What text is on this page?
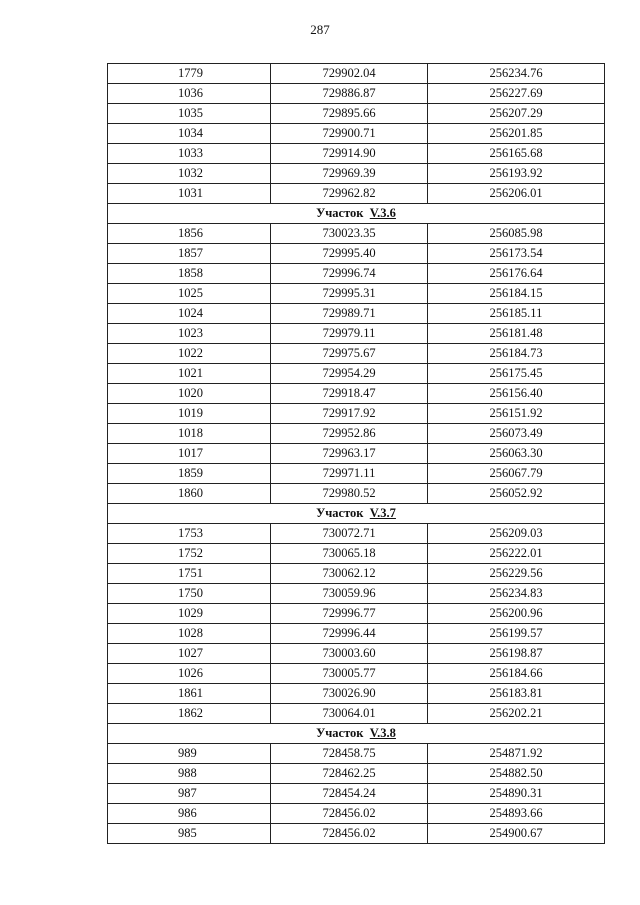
287
1779	729902.04	256234.76
1036	729886.87	256227.69
1035	729895.66	256207.29
1034	729900.71	256201.85
1033	729914.90	256165.68
1032	729969.39	256193.92
1031	729962.82	256206.01
Участок V.3.6		
1856	730023.35	256085.98
1857	729995.40	256173.54
1858	729996.74	256176.64
1025	729995.31	256184.15
1024	729989.71	256185.11
1023	729979.11	256181.48
1022	729975.67	256184.73
1021	729954.29	256175.45
1020	729918.47	256156.40
1019	729917.92	256151.92
1018	729952.86	256073.49
1017	729963.17	256063.30
1859	729971.11	256067.79
1860	729980.52	256052.92
Участок V.3.7		
1753	730072.71	256209.03
1752	730065.18	256222.01
1751	730062.12	256229.56
1750	730059.96	256234.83
1029	729996.77	256200.96
1028	729996.44	256199.57
1027	730003.60	256198.87
1026	730005.77	256184.66
1861	730026.90	256183.81
1862	730064.01	256202.21
Участок V.3.8		
989	728458.75	254871.92
988	728462.25	254882.50
987	728454.24	254890.31
986	728456.02	254893.66
985	728456.02	254900.67
